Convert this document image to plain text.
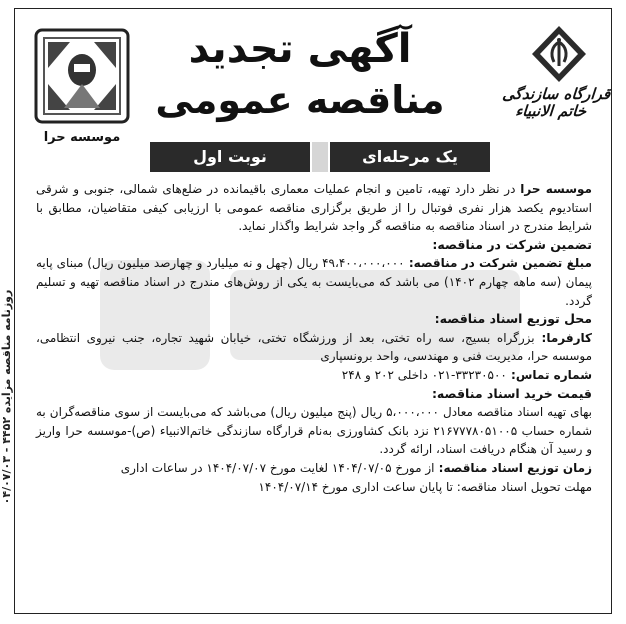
روزنامه مناقصه مزایده ۴۴۵۲ - ۰۴/۰۷/۰۳
قرارگاه سازندگی خاتم الانبیاء
آگهی تجدید
مناقصه عمومی
موسسه حرا
یک مرحله‌ای
نوبت اول

موسسه حرا در نظر دارد تهیه، تامین و انجام عملیات معماری باقیمانده در ضلع‌های شمالی، جنوبی و شرقی استادیوم یکصد هزار نفری فوتبال را از طریق برگزاری مناقصه عمومی با ارزیابی کیفی متقاضیان، مطابق با شرایط مندرج در اسناد مناقصه به مناقصه گر واجد شرایط واگذار نماید.

تضمین شرکت در مناقصه:

مبلغ تضمین شرکت در مناقصه: ۴۹،۴۰۰،۰۰۰،۰۰۰ ریال (چهل و نه میلیارد و چهارصد میلیون ریال) مبنای پایه پیمان (سه ماهه چهارم ۱۴۰۲) می باشد که می‌بایست به یکی از روش‌های مندرج در اسناد مناقصه تهیه و تسلیم گردد.

محل توزیع اسناد مناقصه:

کارفرما: بزرگراه بسیج، سه راه تختی، بعد از ورزشگاه تختی، خیابان شهید تجاره، جنب نیروی انتظامی، موسسه حرا، مدیریت فنی و مهندسی، واحد برونسپاری

شماره تماس: ۳۳۲۳۰۵۰۰-۰۲۱ داخلی ۲۰۲ و ۲۴۸

قیمت خرید اسناد مناقصه:

بهای تهیه اسناد مناقصه معادل ۵،۰۰۰،۰۰۰ ریال (پنج میلیون ریال) می‌باشد که می‌بایست از سوی مناقصه‌گران به شماره حساب ۲۱۶۷۷۷۸۰۵۱۰۰۵ نزد بانک کشاورزی به‌نام قرارگاه سازندگی خاتم‌الانبیاء (ص)-موسسه حرا واریز و رسید آن هنگام دریافت اسناد، ارائه گردد.

زمان توزیع اسناد مناقصه: از مورخ ۱۴۰۴/۰۷/۰۵ لغایت مورخ ۱۴۰۴/۰۷/۰۷ در ساعات اداری

مهلت تحویل اسناد مناقصه: تا پایان ساعت اداری مورخ ۱۴۰۴/۰۷/۱۴
